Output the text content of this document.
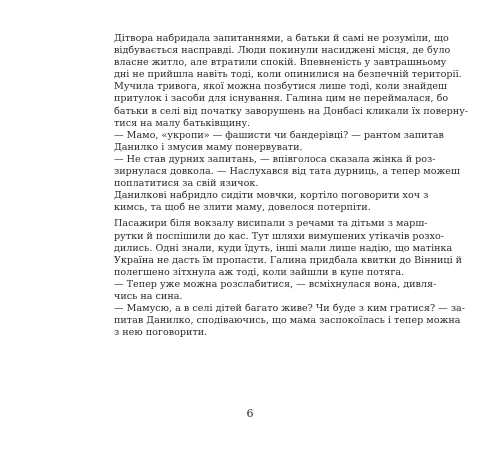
Дітвора набридала запитаннями, а батьки й самі не розуміли, що
відбувається насправді. Люди покинули насиджені місця, де було
власне житло, але втратили спокій. Впевненість у завтрашньому
дні не прийшла навіть тоді, коли опинилися на безпечній території.
Мучила тривога, якої можна позбутися лише тоді, коли знайдеш
притулок і засоби для існування. Галина цим не переймалася, бо
батьки в селі від початку заворушень на Донбасі кликали їх поверну-
тися на малу батьківщину.

— Мамо, «укропи» — фашисти чи бандерівці? — рантом запитав
Данилко і змусив маму понервувати.

— Не став дурних запитань, — впівголоса сказала жінка й роз-
зирнулася довкола. — Наслухався від тата дурниць, а тепер можеш
поплатитися за свій язичок.

Данилкові набридло сидіти мовчки, кортіло поговорити хоч з
кимсь, та щоб не злити маму, довелося потерпіти.

Пасажири біля вокзалу висипали з речами та дітьми з марш-
рутки й поспішили до кас. Тут шляхи вимушених утікачів розхо-
дились. Одні знали, куди їдуть, інші мали лише надію, що матінка
Україна не дасть їм пропасти. Галина придбала квитки до Вінниці й
полегшено зітхнула аж тоді, коли зайшли в купе потяга.

— Тепер уже можна розслабитися, — всміхнулася вона, дивля-
чись на сина.

— Мамусю, а в селі дітей багато живе? Чи буде з ким гратися? — за-
питав Данилко, сподіваючись, що мама заспокоїлась і тепер можна
з нею поговорити.

6
